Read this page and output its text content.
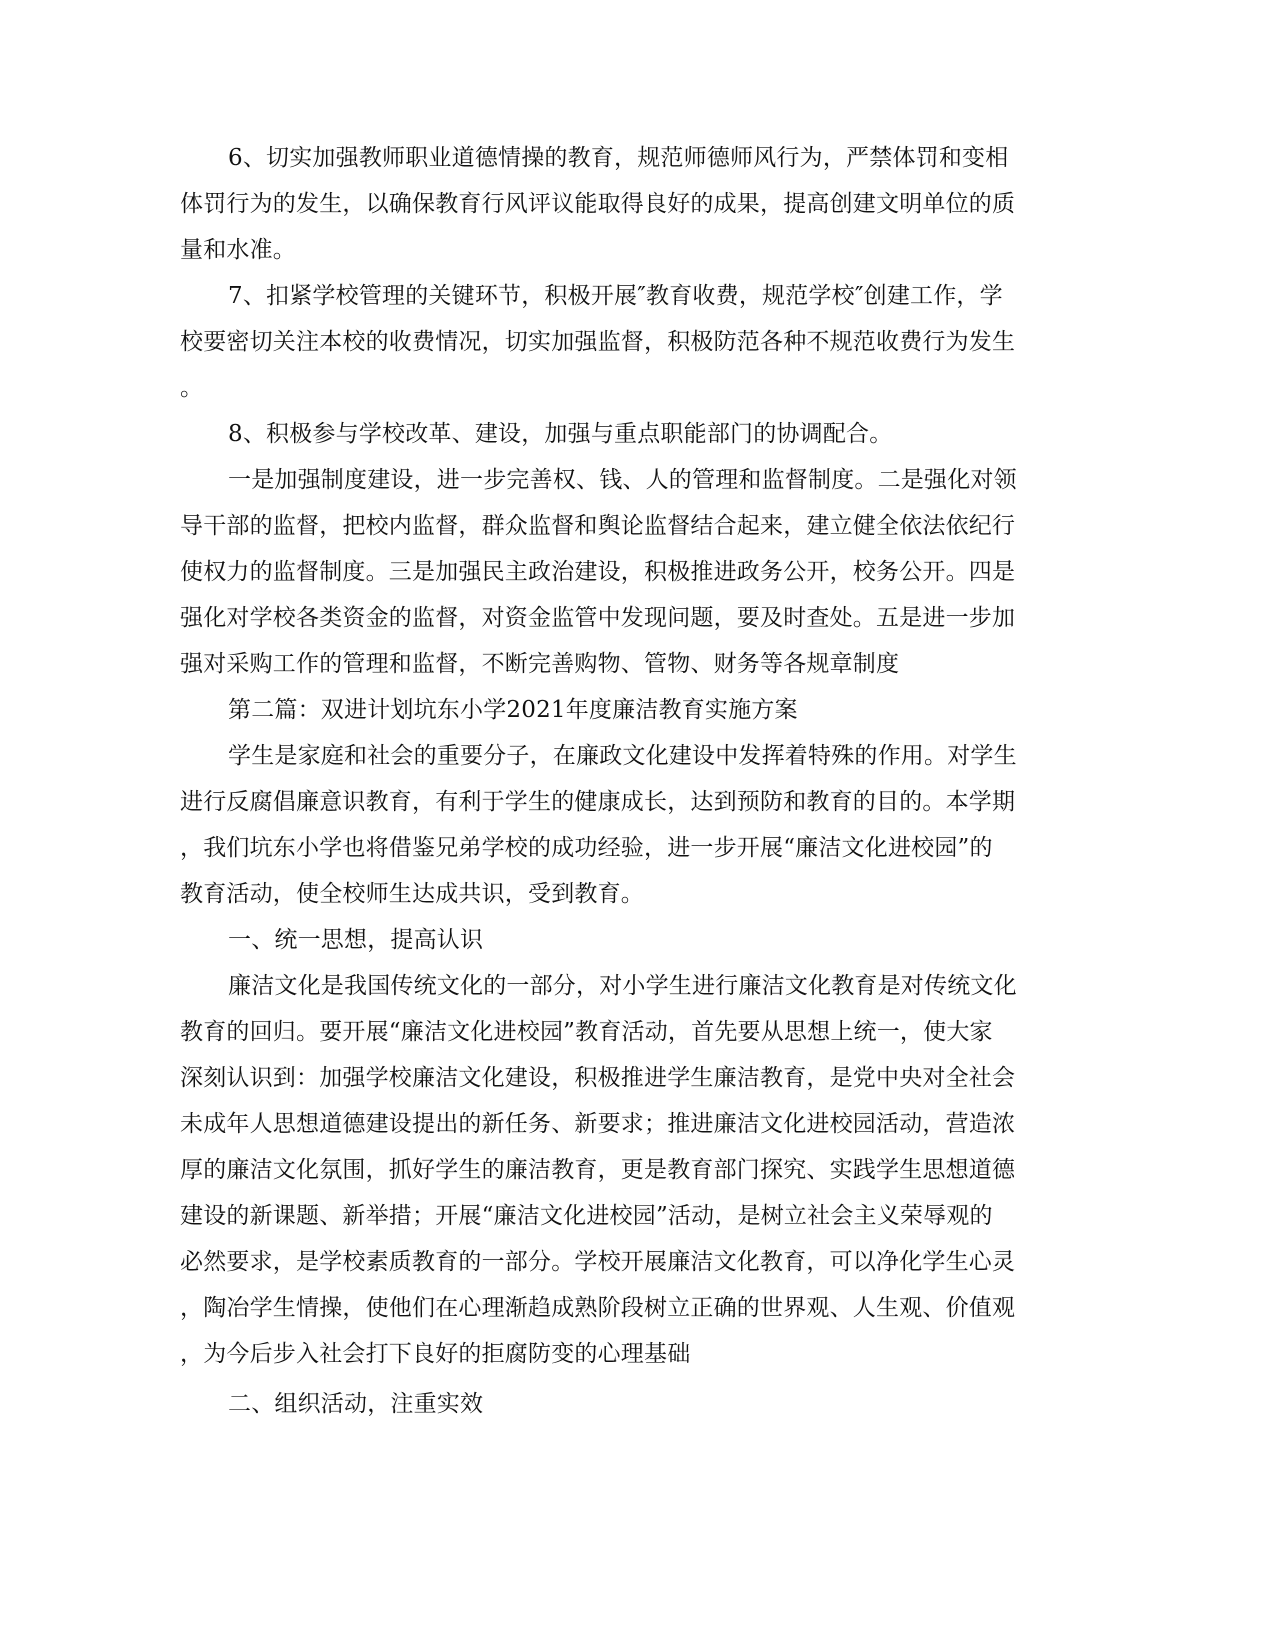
6、切实加强教师职业道德情操的教育，规范师德师风行为，严禁体罚和变相
体罚行为的发生，以确保教育行风评议能取得良好的成果，提高创建文明单位的质
量和水准。
7、扣紧学校管理的关键环节，积极开展″教育收费，规范学校″创建工作，学
校要密切关注本校的收费情况，切实加强监督，积极防范各种不规范收费行为发生
。
8、积极参与学校改革、建设，加强与重点职能部门的协调配合。
一是加强制度建设，进一步完善权、钱、人的管理和监督制度。二是强化对领
导干部的监督，把校内监督，群众监督和舆论监督结合起来，建立健全依法依纪行
使权力的监督制度。三是加强民主政治建设，积极推进政务公开，校务公开。四是
强化对学校各类资金的监督，对资金监管中发现问题，要及时查处。五是进一步加
强对采购工作的管理和监督，不断完善购物、管物、财务等各规章制度
第二篇：双进计划坑东小学2021年度廉洁教育实施方案
学生是家庭和社会的重要分子，在廉政文化建设中发挥着特殊的作用。对学生
进行反腐倡廉意识教育，有利于学生的健康成长，达到预防和教育的目的。本学期
，我们坑东小学也将借鉴兄弟学校的成功经验，进一步开展“廉洁文化进校园”的
教育活动，使全校师生达成共识，受到教育。
一、统一思想，提高认识
廉洁文化是我国传统文化的一部分，对小学生进行廉洁文化教育是对传统文化
教育的回归。要开展“廉洁文化进校园”教育活动，首先要从思想上统一，使大家
深刻认识到：加强学校廉洁文化建设，积极推进学生廉洁教育，是党中央对全社会
未成年人思想道德建设提出的新任务、新要求；推进廉洁文化进校园活动，营造浓
厚的廉洁文化氛围，抓好学生的廉洁教育，更是教育部门探究、实践学生思想道德
建设的新课题、新举措；开展“廉洁文化进校园”活动，是树立社会主义荣辱观的
必然要求，是学校素质教育的一部分。学校开展廉洁文化教育，可以净化学生心灵
，陶冶学生情操，使他们在心理渐趋成熟阶段树立正确的世界观、人生观、价值观
，为今后步入社会打下良好的拒腐防变的心理基础
二、组织活动，注重实效
